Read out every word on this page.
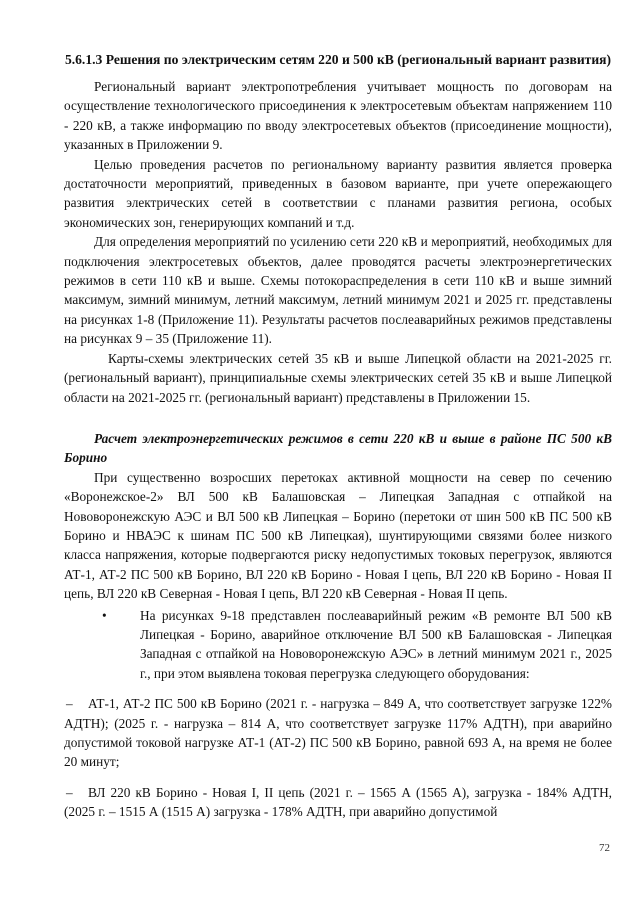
5.6.1.3 Решения по электрическим сетям 220 и 500 кВ (региональный вариант развития)

Региональный вариант электропотребления учитывает мощность по договорам на осуществление технологического присоединения к электросетевым объектам напряжением 110 - 220 кВ, а также информацию по вводу электросетевых объектов (присоединение мощности), указанных в Приложении 9.

Целью проведения расчетов по региональному варианту развития является проверка достаточности мероприятий, приведенных в базовом варианте, при учете опережающего развития электрических сетей в соответствии с планами развития региона, особых экономических зон, генерирующих компаний и т.д.

Для определения мероприятий по усилению сети 220 кВ и мероприятий, необходимых для подключения электросетевых объектов, далее проводятся расчеты электроэнергетических режимов в сети 110 кВ и выше. Схемы потокораспределения в сети 110 кВ и выше зимний максимум, зимний минимум, летний максимум, летний минимум 2021 и 2025 гг. представлены на рисунках 1-8 (Приложение 11). Результаты расчетов послеаварийных режимов представлены на рисунках 9 – 35 (Приложение 11).

Карты-схемы электрических сетей 35 кВ и выше Липецкой области на 2021-2025 гг. (региональный вариант), принципиальные схемы электрических сетей 35 кВ и выше Липецкой области на 2021-2025 гг. (региональный вариант) представлены в Приложении 15.

Расчет электроэнергетических режимов в сети 220 кВ и выше в районе ПС 500 кВ Борино

При существенно возросших перетоках активной мощности на север по сечению «Воронежское-2» ВЛ 500 кВ Балашовская – Липецкая Западная с отпайкой на Нововоронежскую АЭС и ВЛ 500 кВ Липецкая – Борино (перетоки от шин 500 кВ ПС 500 кВ Борино и НВАЭС к шинам ПС 500 кВ Липецкая), шунтирующими связями более низкого класса напряжения, которые подвергаются риску недопустимых токовых перегрузок, являются АТ-1, АТ-2 ПС 500 кВ Борино, ВЛ 220 кВ Борино - Новая I цепь, ВЛ 220 кВ Борино - Новая II цепь, ВЛ 220 кВ Северная - Новая I цепь, ВЛ 220 кВ Северная - Новая II цепь.

•	На рисунках 9-18 представлен послеаварийный режим «В ремонте ВЛ 500 кВ Липецкая - Борино, аварийное отключение ВЛ 500 кВ Балашовская - Липецкая Западная с отпайкой на Нововоронежскую АЭС» в летний минимум 2021 г., 2025 г., при этом выявлена токовая перегрузка следующего оборудования:

– АТ-1, АТ-2 ПС 500 кВ Борино (2021 г. - нагрузка – 849 А, что соответствует загрузке 122% АДТН); (2025 г. - нагрузка – 814 А, что соответствует загрузке 117% АДТН), при аварийно допустимой токовой нагрузке АТ-1 (АТ-2) ПС 500 кВ Борино, равной 693 А, на время не более 20 минут;

– ВЛ 220 кВ Борино - Новая I, II цепь (2021 г. – 1565 А (1565 А), загрузка - 184% АДТН, (2025 г. – 1515 А (1515 А) загрузка - 178% АДТН, при аварийно допустимой

72
